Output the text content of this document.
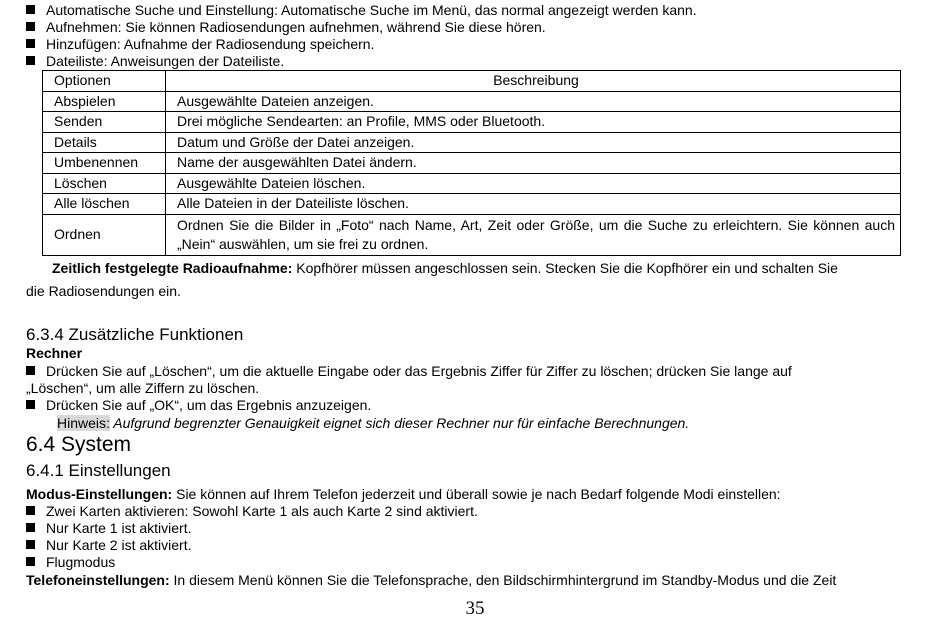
Automatische Suche und Einstellung: Automatische Suche im Menü, das normal angezeigt werden kann.
Aufnehmen: Sie können Radiosendungen aufnehmen, während Sie diese hören.
Hinzufügen: Aufnahme der Radiosendung speichern.
Dateiliste: Anweisungen der Dateiliste.
Optionen	Beschreibung
Abspielen	Ausgewählte Dateien anzeigen.
Senden	Drei mögliche Sendearten: an Profile, MMS oder Bluetooth.
Details	Datum und Größe der Datei anzeigen.
Umbenennen	Name der ausgewählten Datei ändern.
Löschen	Ausgewählte Dateien löschen.
Alle löschen	Alle Dateien in der Dateiliste löschen.
Ordnen	Ordnen Sie die Bilder in „Foto“ nach Name, Art, Zeit oder Größe, um die Suche zu erleichtern. Sie können auch „Nein“ auswählen, um sie frei zu ordnen.
Zeitlich festgelegte Radioaufnahme: Kopfhörer müssen angeschlossen sein. Stecken Sie die Kopfhörer ein und schalten Sie
die Radiosendungen ein.
6.3.4 Zusätzliche Funktionen
Rechner
Drücken Sie auf „Löschen“, um die aktuelle Eingabe oder das Ergebnis Ziffer für Ziffer zu löschen; drücken Sie lange auf
„Löschen“, um alle Ziffern zu löschen.
Drücken Sie auf „OK“, um das Ergebnis anzuzeigen.
Hinweis: Aufgrund begrenzter Genauigkeit eignet sich dieser Rechner nur für einfache Berechnungen.
6.4 System
6.4.1 Einstellungen
Modus-Einstellungen: Sie können auf Ihrem Telefon jederzeit und überall sowie je nach Bedarf folgende Modi einstellen:
Zwei Karten aktivieren: Sowohl Karte 1 als auch Karte 2 sind aktiviert.
Nur Karte 1 ist aktiviert.
Nur Karte 2 ist aktiviert.
Flugmodus
Telefoneinstellungen: In diesem Menü können Sie die Telefonsprache, den Bildschirmhintergrund im Standby-Modus und die Zeit
35
